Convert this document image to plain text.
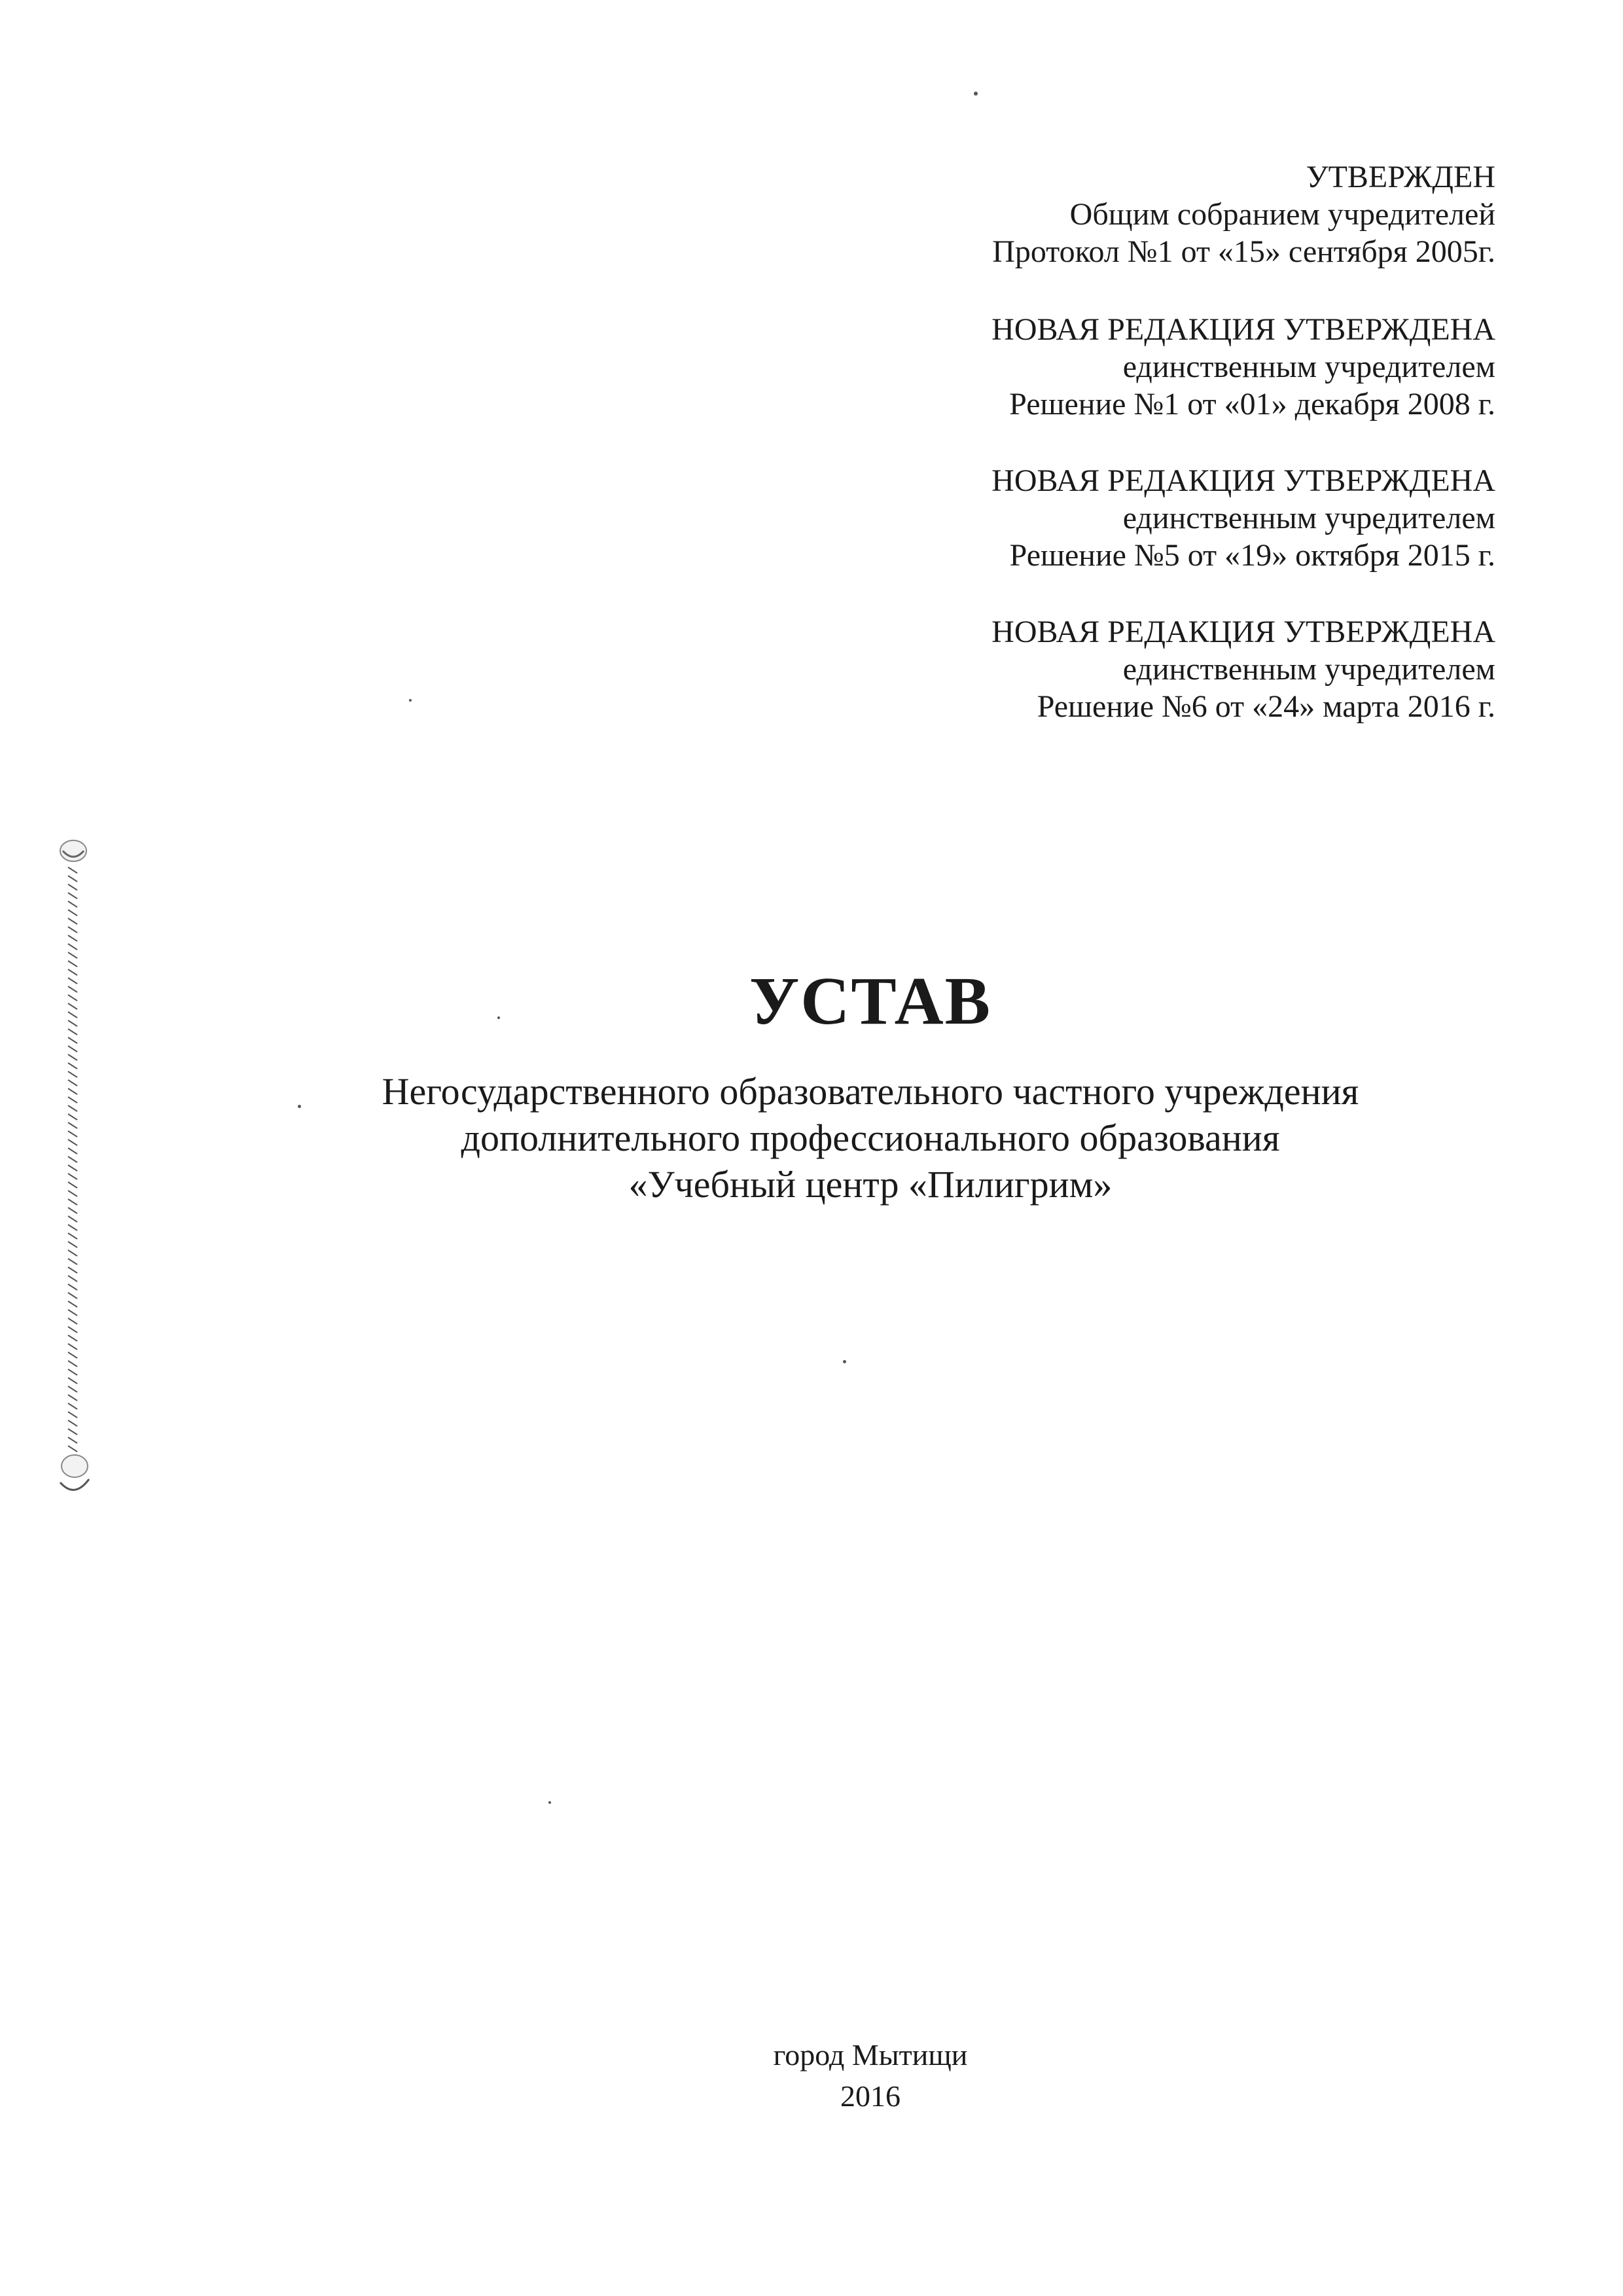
УТВЕРЖДЕН
Общим собранием учредителей
Протокол №1 от «15» сентября 2005г.
НОВАЯ РЕДАКЦИЯ УТВЕРЖДЕНА
единственным учредителем
Решение №1 от «01» декабря 2008 г.
НОВАЯ РЕДАКЦИЯ УТВЕРЖДЕНА
единственным учредителем
Решение №5 от «19» октября 2015 г.
НОВАЯ РЕДАКЦИЯ УТВЕРЖДЕНА
единственным учредителем
Решение №6 от «24» марта 2016 г.
УСТАВ
Негосударственного образовательного частного учреждения
дополнительного профессионального образования
«Учебный центр «Пилигрим»
город Мытищи
2016
